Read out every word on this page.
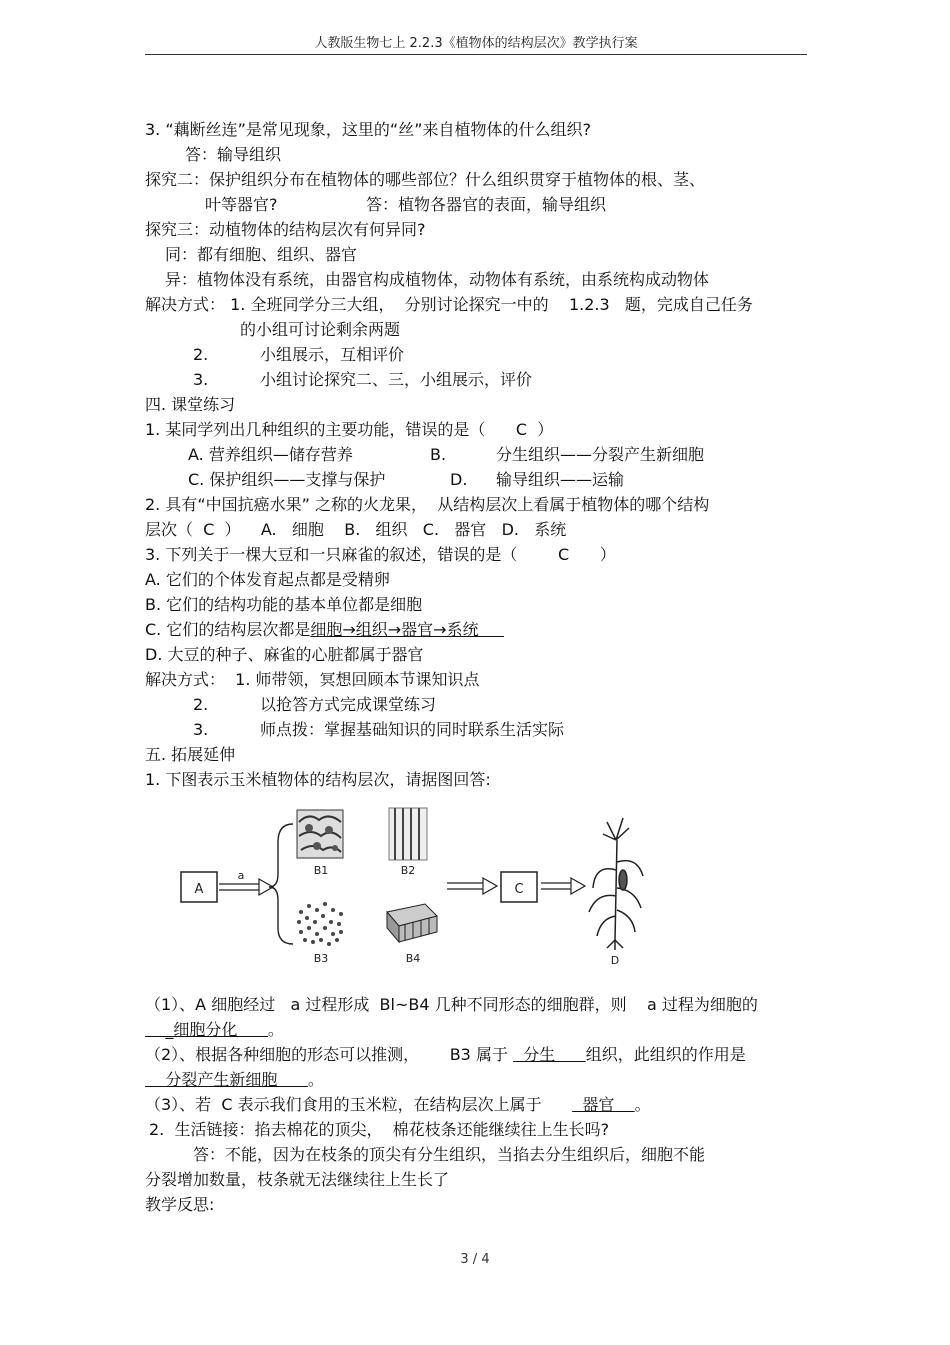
人教版生物七上 2.2.3《植物体的结构层次》教学执行案
3. “藕断丝连”是常见现象，这里的“丝”来自植物体的什么组织?
答：输导组织
探究二：保护组织分布在植物体的哪些部位？什么组织贯穿于植物体的根、茎、
叶等器官?	答：植物各器官的表面，输导组织
探究三：动植物体的结构层次有何异同?
同：都有细胞、组织、器官
异：植物体没有系统，由器官构成植物体，动物体有系统，由系统构成动物体
解决方式： 1. 全班同学分三大组，  分别讨论探究一中的    1.2.3   题，完成自己任务
的小组可讨论剩余两题
2.	小组展示，互相评价
3.	小组讨论探究二、三，小组展示，评价
四. 课堂练习
1. 某同学列出几种组织的主要功能，错误的是（      C  ）
A. 营养组织—储存营养	B.	分生组织——分裂产生新细胞
C. 保护组织——支撑与保护	D. 输导组织——运输
2. 具有“中国抗癌水果” 之称的火龙果，  从结构层次上看属于植物体的哪个结构
层次（  C  ）    A.   细胞    B.   组织   C.   器官   D.   系统
3. 下列关于一棵大豆和一只麻雀的叙述，错误的是（        C      ）
A. 它们的个体发育起点都是受精卵
B. 它们的结构功能的基本单位都是细胞
C. 它们的结构层次都是细胞→组织→器官→系统
D. 大豆的种子、麻雀的心脏都属于器官
解决方式：  1. 师带领，冥想回顾本节课知识点
2.	以抢答方式完成课堂练习
3.	师点拨：掌握基础知识的同时联系生活实际
五. 拓展延伸
1. 下图表示玉米植物体的结构层次，请据图回答:
A
a	B1	B2
B3	B4
C
D
（1）、A 细胞经过   a 过程形成  Bl~B4 几种不同形态的细胞群，则    a 过程为细胞的
_细胞分化      。
（2）、根据各种细胞的形态可以推测，      B3 属于   分生      组织，此组织的作用是
分裂产生新细胞      。
（3）、若  C 表示我们食用的玉米粒，在结构层次上属于        器官    。
2.  生活链接：掐去棉花的顶尖，  棉花枝条还能继续往上生长吗?
答：不能，因为在枝条的顶尖有分生组织，当掐去分生组织后，细胞不能
分裂增加数量，枝条就无法继续往上生长了
教学反思:
3 / 4
